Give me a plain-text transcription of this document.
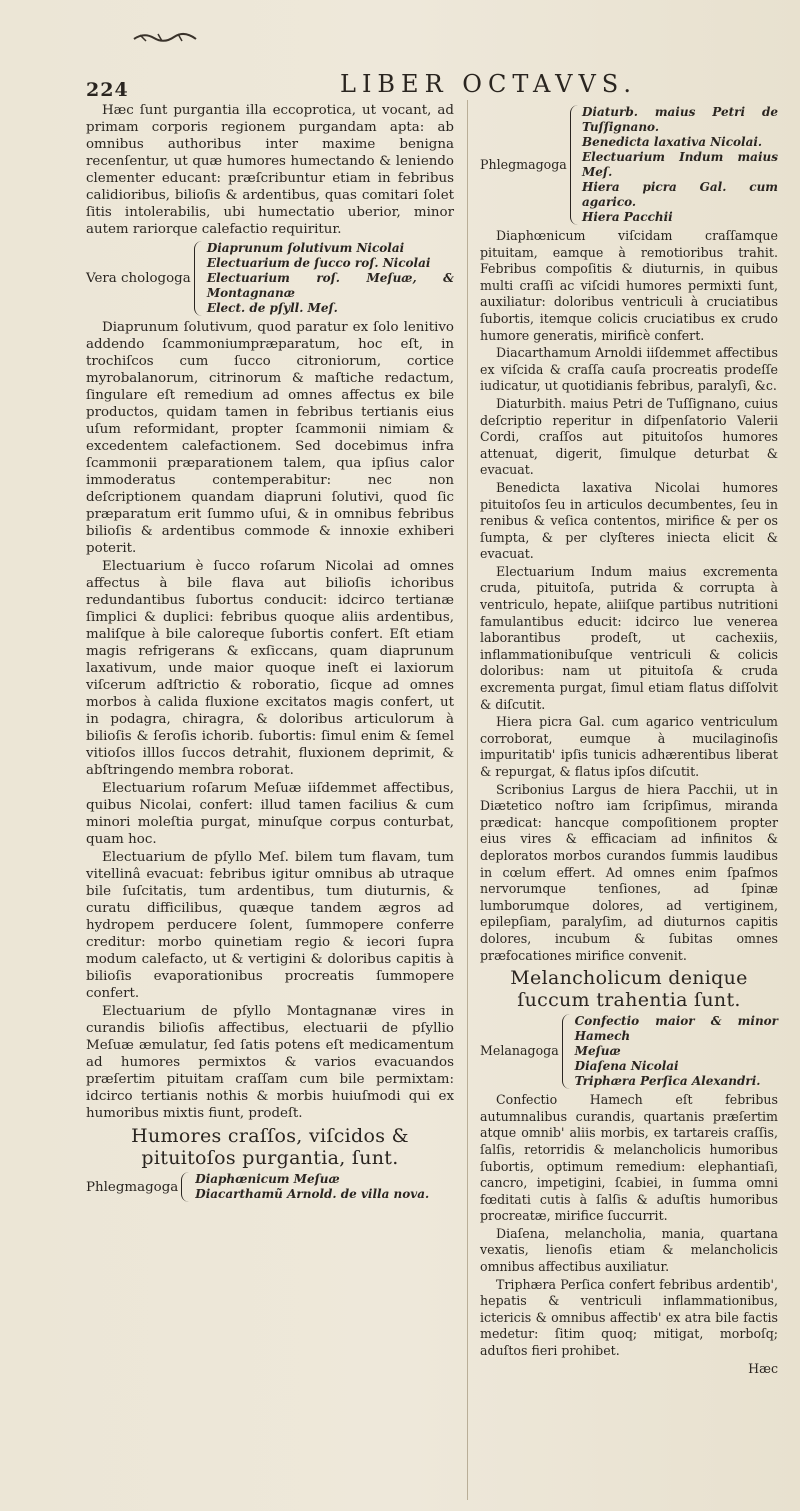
224	LIBER OCTAVVS.

Hæc ſunt purgantia illa eccoprotica, ut vocant, ad primam corporis regionem purgandam apta: ab omnibus authoribus inter maxime benigna recenſentur, ut quæ humores humectando & leniendo clementer educant: præſcribuntur etiam in febribus calidioribus, bilioſis & ardentibus, quas comitari ſolet ſitis intolerabilis, ubi humectatio uberior, minor autem rariorque calefactio requiritur.

Vera chologoga
Diaprunum ſolutivum Nicolai
Electuarium de ſucco roſ. Nicolai
Electuarium roſ. Meſuæ, & Montagnanæ
Elect. de pſyll. Meſ.

Diaprunum ſolutivum, quod paratur ex ſolo lenitivo addendo ſcammoniumpræparatum, hoc eſt, in trochiſcos cum ſucco citroniorum, cortice myrobalanorum, citrinorum & maſtiche redactum, ſingulare eſt remedium ad omnes affectus ex bile productos, quidam tamen in febribus tertianis eius uſum reformidant, propter ſcammonii nimiam & excedentem calefactionem. Sed docebimus infra ſcammonii præparationem talem, qua ipſius calor immoderatus contemperabitur: nec non deſcriptionem quandam diapruni ſolutivi, quod ſic præparatum erit ſummo uſui, & in omnibus febribus bilioſis & ardentibus commode & innoxie exhiberi poterit.

Electuarium è ſucco roſarum Nicolai ad omnes affectus à bile flava aut bilioſis ichoribus redundantibus ſubortus conducit: idcirco tertianæ ſimplici & duplici: febribus quoque aliis ardentibus, maliſque à bile caloreque ſubortis confert. Eſt etiam magis refrigerans & exſiccans, quam diaprunum laxativum, unde maior quoque ineſt ei laxiorum viſcerum adſtrictio & roboratio, ſicque ad omnes morbos à calida fluxione excitatos magis confert, ut in podagra, chiragra, & doloribus articulorum à bilioſis & ſeroſis ichorib. ſubortis: ſimul enim & ſemel vitioſos illlos ſuccos detrahit, fluxionem deprimit, & abſtringendo membra roborat.

Electuarium roſarum Meſuæ iiſdemmet affectibus, quibus Nicolai, confert: illud tamen facilius & cum minori moleſtia purgat, minuſque corpus conturbat, quam hoc.

Electuarium de pſyllo Meſ. bilem tum flavam, tum vitellinâ evacuat: febribus igitur omnibus ab utraque bile ſuſcitatis, tum ardentibus, tum diuturnis, & curatu difficilibus, quæque tandem ægros ad hydropem perducere ſolent, ſummopere conferre creditur: morbo quinetiam regio & iecori ſupra modum calefacto, ut & vertigini & doloribus capitis à bilioſis evaporationibus procreatis ſummopere confert.

Electuarium de pſyllo Montagnanæ vires in curandis bilioſis affectibus, electuarii de pſyllio Meſuæ æmulatur, ſed ſatis potens eſt medicamentum ad humores permixtos & varios evacuandos præſertim pituitam craſſam cum bile permixtam: idcirco tertianis nothis & morbis huiuſmodi qui ex humoribus mixtis fiunt, prodeſt.

Humores craſſos, viſcidos & pituitoſos purgantia, ſunt.
Phlegmagoga
Diaphœnicum Meſuæ
Diacarthamũ Arnold. de villa nova.
Phlegmagoga
Diaturb. maius Petri de Tuſſignano.
Benedicta laxativa Nicolai.
Electuarium Indum maius Meſ.
Hiera picra Gal. cum agarico.
Hiera Pacchii

Diaphœnicum viſcidam craſſamque pituitam, eamque à remotioribus trahit. Febribus compoſitis & diuturnis, in quibus multi craſſi ac viſcidi humores permixti ſunt, auxiliatur: doloribus ventriculi à cruciatibus ſubortis, itemque colicis cruciatibus ex crudo humore generatis, mirificè confert.

Diacarthamum Arnoldi iiſdemmet affectibus ex viſcida & craſſa cauſa procreatis prodeſſe iudicatur, ut quotidianis febribus, paralyſi, &c.

Diaturbith. maius Petri de Tuſſignano, cuius deſcriptio reperitur in diſpenſatorio Valerii Cordi, craſſos aut pituitoſos humores attenuat, digerit, ſimulque deturbat & evacuat.

Benedicta laxativa Nicolai humores pituitoſos ſeu in articulos decumbentes, ſeu in renibus & veſica contentos, mirifice & per os ſumpta, & per clyſteres iniecta elicit & evacuat.

Electuarium Indum maius excrementa cruda, pituitoſa, putrida & corrupta à ventriculo, hepate, aliiſque partibus nutritioni famulantibus educit: idcirco lue venerea laborantibus prodeſt, ut cachexiis, inflammationibuſque ventriculi & colicis doloribus: nam ut pituitoſa & cruda excrementa purgat, ſimul etiam flatus diſſolvit & diſcutit.

Hiera picra Gal. cum agarico ventriculum corroborat, eumque à mucilaginoſis impuritatib' ipſis tunicis adhærentibus liberat & repurgat, & flatus ipſos diſcutit.

Scribonius Largus de hiera Pacchii, ut in Diætetico noſtro iam ſcripſimus, miranda prædicat: hancque compoſitionem propter eius vires & efficaciam ad infinitos & deploratos morbos curandos ſummis laudibus in cœlum effert. Ad omnes enim ſpaſmos nervorumque tenſiones, ad ſpinæ lumborumque dolores, ad vertiginem, epilepſiam, paralyſim, ad diuturnos capitis dolores, incubum & ſubitas omnes præfocationes mirifice convenit.

Melancholicum denique ſuccum trahentia ſunt.
Melanagoga
Confectio maior & minor Hamech
Meſuæ
Diaſena Nicolai
Triphæra Perſica Alexandri.

Confectio Hamech eſt febribus autumnalibus curandis, quartanis præſertim atque omnib' aliis morbis, ex tartareis craſſis, ſalſis, retorridis & melancholicis humoribus ſubortis, optimum remedium: elephantiaſi, cancro, impetigini, ſcabiei, in ſumma omni fœditati cutis à ſalſis & aduſtis humoribus procreatæ, mirifice ſuccurrit.

Diaſena, melancholia, mania, quartana vexatis, lienoſis etiam & melancholicis omnibus affectibus auxiliatur.

Triphæra Perſica confert febribus ardentib', hepatis & ventriculi inflammationibus, ictericis & omnibus affectib' ex atra bile factis medetur: ſitim quoq; mitigat, morboſq; aduſtos fieri prohibet.

Hæc
